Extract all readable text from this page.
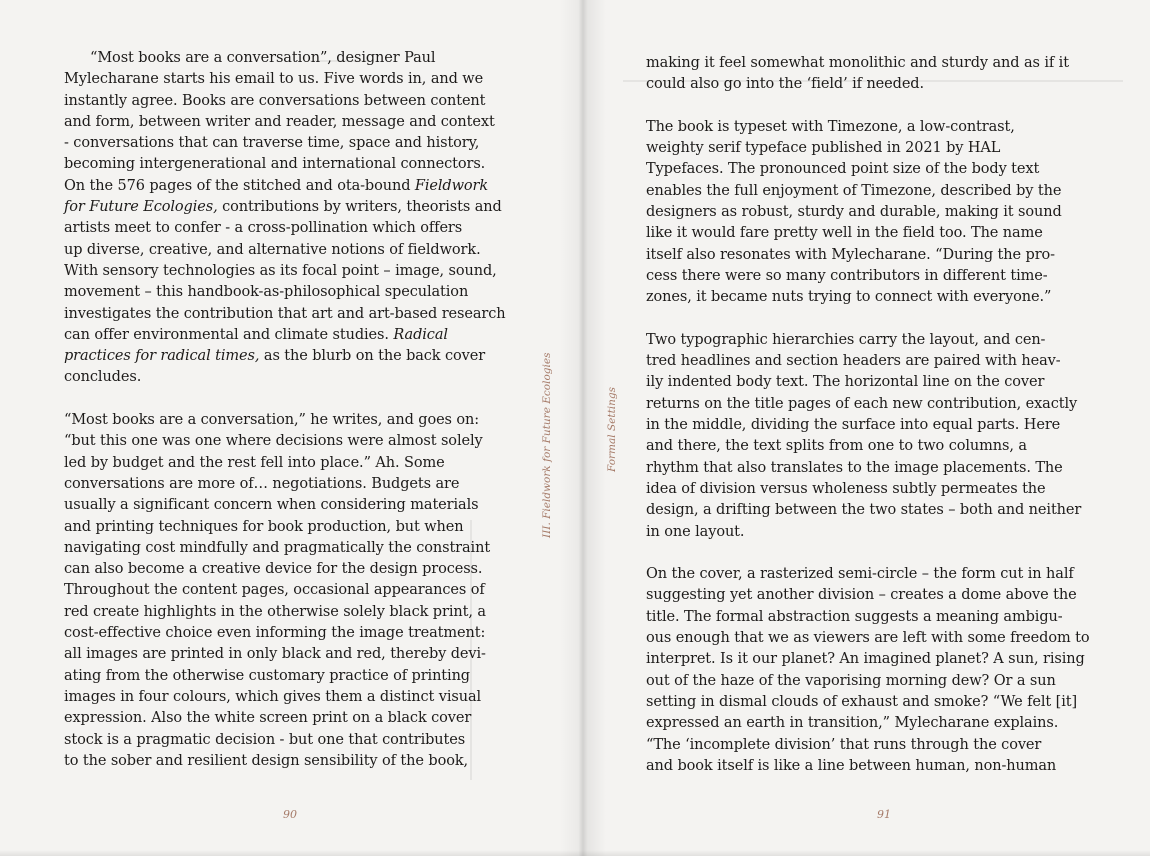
“Most books are a conversation”, designer Paul
Mylecharane starts his email to us. Five words in, and we
instantly agree. Books are conversations between content
and form, between writer and reader, message and context
- conversations that can traverse time, space and history,
becoming intergenerational and international connectors.
On the 576 pages of the stitched and ota-bound Fieldwork
for Future Ecologies, contributions by writers, theorists and
artists meet to confer - a cross-pollination which offers
up diverse, creative, and alternative notions of fieldwork.
With sensory technologies as its focal point – image, sound,
movement – this handbook-as-philosophical speculation
investigates the contribution that art and art-based research
can offer environmental and climate studies. Radical
practices for radical times, as the blurb on the back cover
concludes.

“Most books are a conversation,” he writes, and goes on:
“but this one was one where decisions were almost solely
led by budget and the rest fell into place.” Ah. Some
conversations are more of… negotiations. Budgets are
usually a significant concern when considering materials
and printing techniques for book production, but when
navigating cost mindfully and pragmatically the constraint
can also become a creative device for the design process.
Throughout the content pages, occasional appearances of
red create highlights in the otherwise solely black print, a
cost-effective choice even informing the image treatment:
all images are printed in only black and red, thereby devi-
ating from the otherwise customary practice of printing
images in four colours, which gives them a distinct visual
expression. Also the white screen print on a black cover
stock is a pragmatic decision - but one that contributes
to the sober and resilient design sensibility of the book,

III. Fieldwork for Future Ecologies
90

making it feel somewhat monolithic and sturdy and as if it
could also go into the ‘field’ if needed.

The book is typeset with Timezone, a low-contrast,
weighty serif typeface published in 2021 by HAL
Typefaces. The pronounced point size of the body text
enables the full enjoyment of Timezone, described by the
designers as robust, sturdy and durable, making it sound
like it would fare pretty well in the field too. The name
itself also resonates with Mylecharane. “During the pro-
cess there were so many contributors in different time-
zones, it became nuts trying to connect with everyone.”

Two typographic hierarchies carry the layout, and cen-
tred headlines and section headers are paired with heav-
ily indented body text. The horizontal line on the cover
returns on the title pages of each new contribution, exactly
in the middle, dividing the surface into equal parts. Here
and there, the text splits from one to two columns, a
rhythm that also translates to the image placements. The
idea of division versus wholeness subtly permeates the
design, a drifting between the two states – both and neither
in one layout.

On the cover, a rasterized semi-circle – the form cut in half
suggesting yet another division – creates a dome above the
title. The formal abstraction suggests a meaning ambigu-
ous enough that we as viewers are left with some freedom to
interpret. Is it our planet? An imagined planet? A sun, rising
out of the haze of the vaporising morning dew? Or a sun
setting in dismal clouds of exhaust and smoke? “We felt [it]
expressed an earth in transition,” Mylecharane explains.
“The ‘incomplete division’ that runs through the cover
and book itself is like a line between human, non-human

Formal Settings
91
